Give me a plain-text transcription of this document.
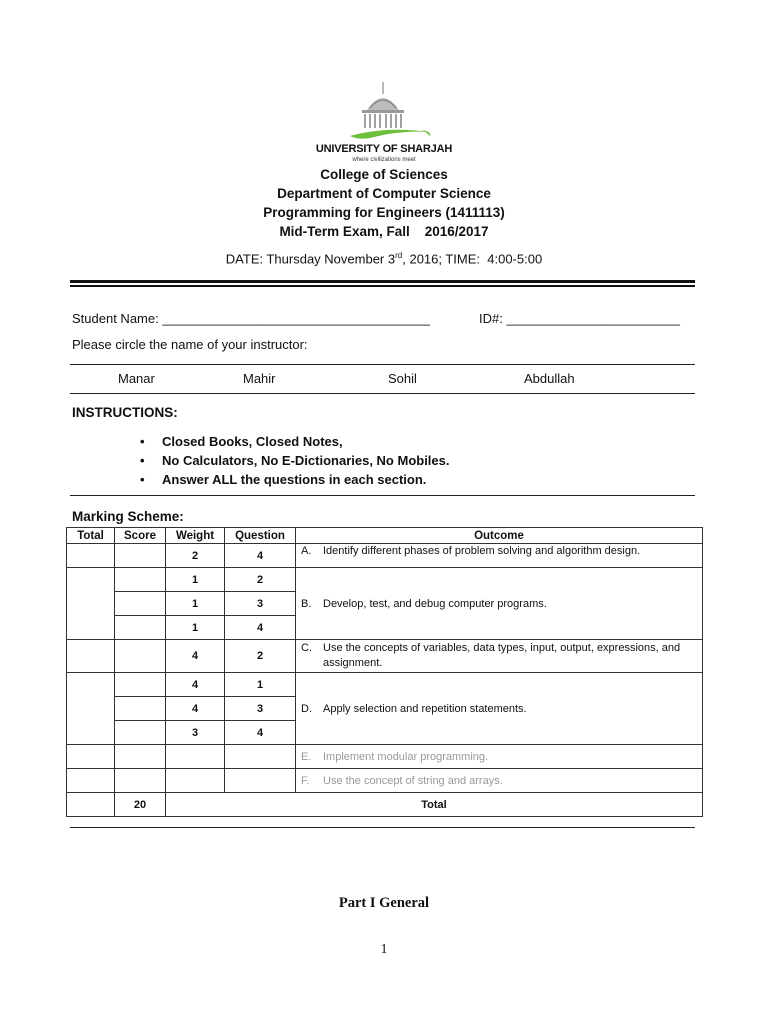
UNIVERSITY OF SHARJAH
where civilizations meet
College of Sciences
Department of Computer Science
Programming for Engineers (1411113)
Mid-Term Exam, Fall    2016/2017
DATE: Thursday November 3rd, 2016; TIME:  4:00-5:00
Student Name: _____________________________________	ID#: ________________________
Please circle the name of your instructor:
Manar	Mahir	Sohil	Abdullah
INSTRUCTIONS:
• Closed Books, Closed Notes,
• No Calculators, No E-Dictionaries, No Mobiles.
• Answer ALL the questions in each section.
Marking Scheme:
Total	Score	Weight	Question	Outcome
		2	4	A. Identify different phases of problem solving and algorithm design.

		1	2	B. Develop, test, and debug computer programs.

		1	3	
		1	4	
		4	2	C. Use the concepts of variables, data types, input, output, expressions, and assignment.

		4	1	D. Apply selection and repetition statements.

		4	3	
		3	4	

				E. Implement modular programming.

				F. Use the concept of string and arrays.

	20	Total		
Part I General
1
